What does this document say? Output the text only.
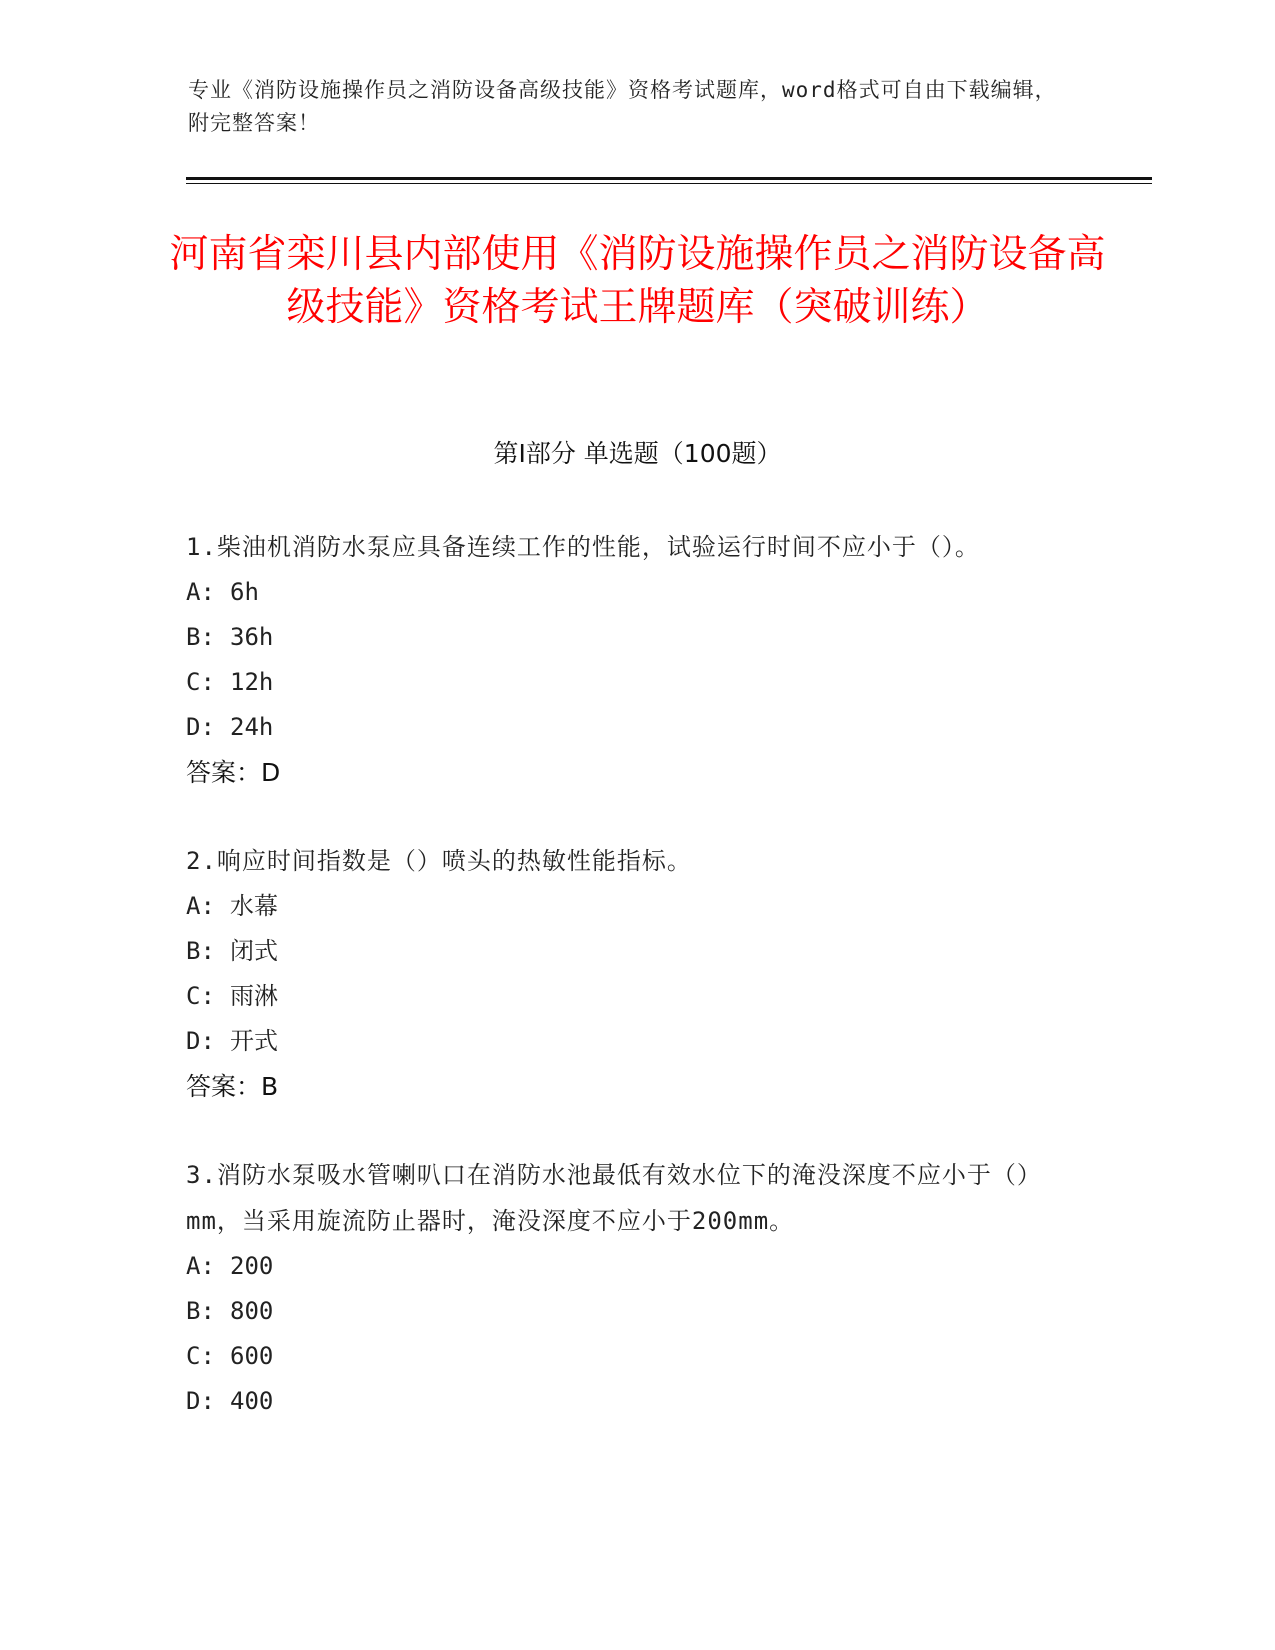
专业《消防设施操作员之消防设备高级技能》资格考试题库，word格式可自由下载编辑，附完整答案！
河南省栾川县内部使用《消防设施操作员之消防设备高级技能》资格考试王牌题库（突破训练）
第Ⅰ部分 单选题（100题）
1.柴油机消防水泵应具备连续工作的性能，试验运行时间不应小于（）。
A: 6h
B: 36h
C: 12h
D: 24h
答案：D
2.响应时间指数是（）喷头的热敏性能指标。
A: 水幕
B: 闭式
C: 雨淋
D: 开式
答案：B
3.消防水泵吸水管喇叭口在消防水池最低有效水位下的淹没深度不应小于（）mm，当采用旋流防止器时，淹没深度不应小于200mm。
A: 200
B: 800
C: 600
D: 400
